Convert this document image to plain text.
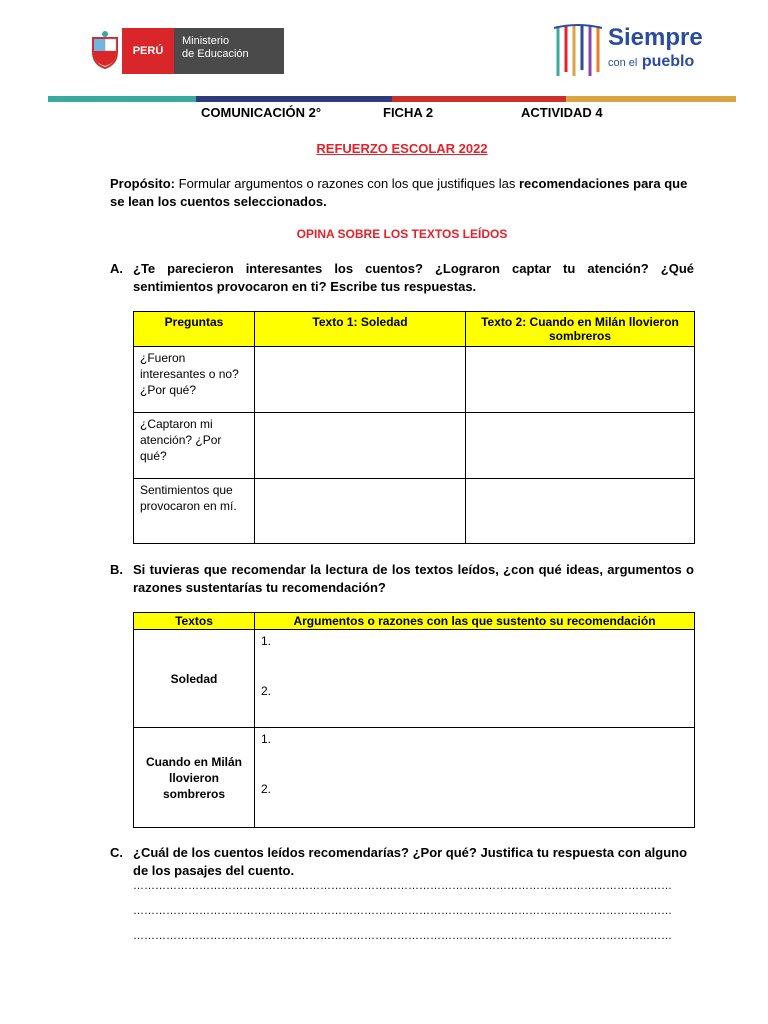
PERÚ
Ministerio
de Educación
Siempre
con el pueblo
COMUNICACIÓN 2°	FICHA 2	ACTIVIDAD 4
REFUERZO ESCOLAR 2022
Propósito: Formular argumentos o razones con los que justifiques las recomendaciones para que se lean los cuentos seleccionados.
OPINA SOBRE LOS TEXTOS LEÍDOS
A. ¿Te parecieron interesantes los cuentos? ¿Lograron captar tu atención? ¿Qué sentimientos provocaron en ti? Escribe tus respuestas.
Preguntas	Texto 1: Soledad	Texto 2: Cuando en Milán llovieron sombreros
¿Fueron interesantes o no? ¿Por qué?		
¿Captaron mi atención? ¿Por qué?		
Sentimientos que provocaron en mí.		
B. Si tuvieras que recomendar la lectura de los textos leídos, ¿con qué ideas, argumentos o razones sustentarías tu recomendación?
Textos	Argumentos o razones con las que sustento su recomendación
Soledad	1.
2.

Cuando en Milán llovieron sombreros	1.
2.
C. ¿Cuál de los cuentos leídos recomendarías? ¿Por qué? Justifica tu respuesta con alguno de los pasajes del cuento.
…………………………………………………………………………………………………………………………………
…………………………………………………………………………………………………………………………………
…………………………………………………………………………………………………………………………………
